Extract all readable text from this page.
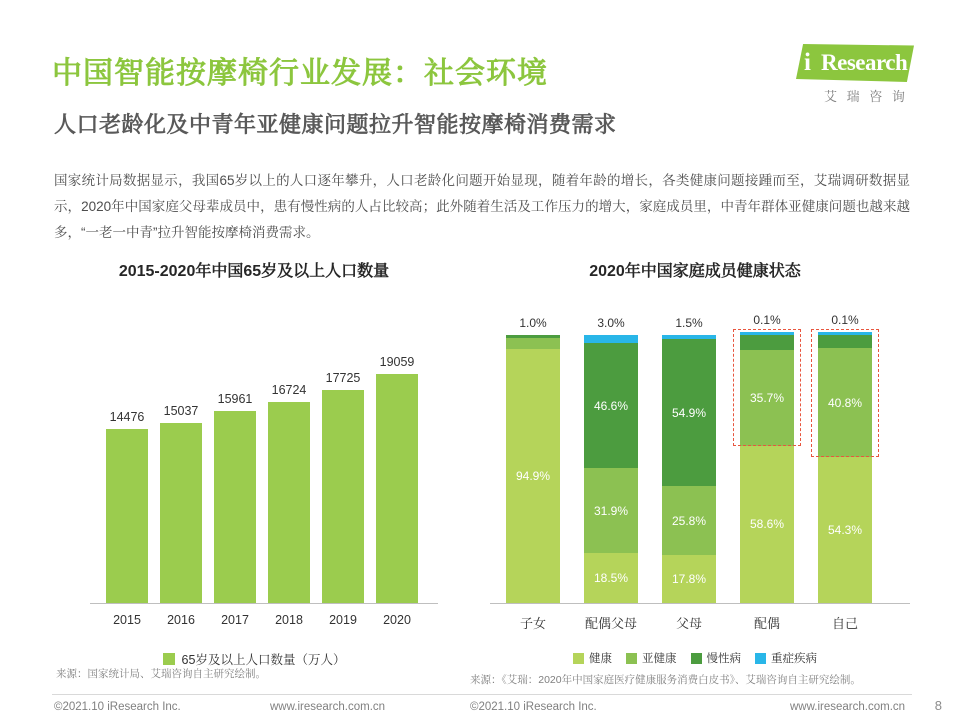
中国智能按摩椅行业发展：社会环境
人口老龄化及中青年亚健康问题拉升智能按摩椅消费需求
i Research
艾 瑞 咨 询
国家统计局数据显示，我国65岁以上的人口逐年攀升，人口老龄化问题开始显现，随着年龄的增长，各类健康问题接踵而至，艾瑞调研数据显示，2020年中国家庭父母辈成员中，患有慢性病的人占比较高；此外随着生活及工作压力的增大，家庭成员里，中青年群体亚健康问题也越来越多，“一老一中青”拉升智能按摩椅消费需求。
2015-2020年中国65岁及以上人口数量
14476
2015
15037
2016
15961
2017
16724
2018
17725
2019
19059
2020
65岁及以上人口数量（万人）
2020年中国家庭成员健康状态
1.0%
94.9%
子女
3.0%
46.6%
31.9%
18.5%
配偶父母
1.5%
54.9%
25.8%
17.8%
父母
0.1%
35.7%
58.6%
配偶
0.1%
40.8%
54.3%
自己
健康	亚健康	慢性病	重症疾病
来源：国家统计局、艾瑞咨询自主研究绘制。	来源：《艾瑞：2020年中国家庭医疗健康服务消费白皮书》、艾瑞咨询自主研究绘制。
©2021.10 iResearch Inc.	www.iresearch.com.cn	©2021.10 iResearch Inc.	www.iresearch.com.cn 8
